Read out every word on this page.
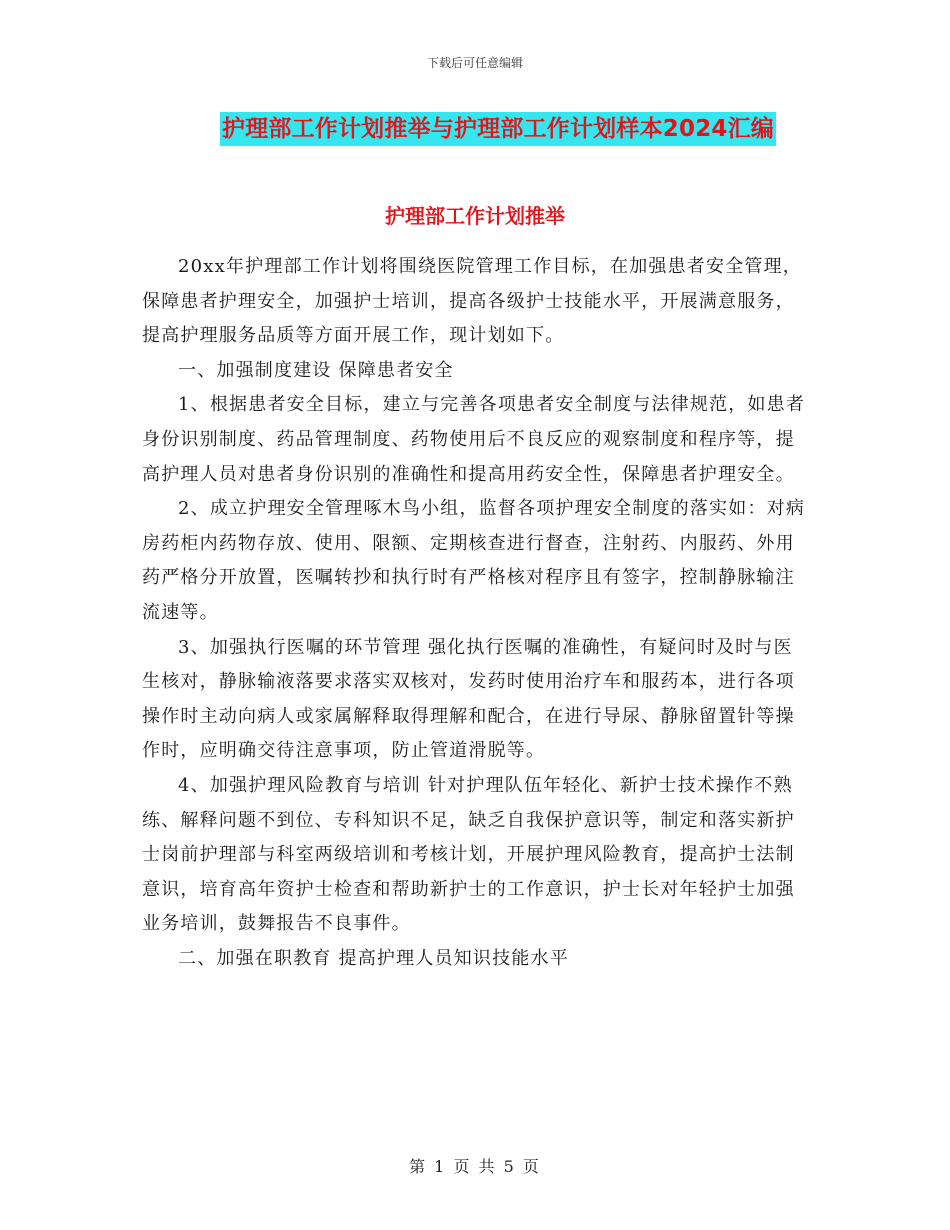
下载后可任意编辑
护理部工作计划推举与护理部工作计划样本2024汇编
护理部工作计划推举

20xx年护理部工作计划将围绕医院管理工作目标，在加强患者安全管理，保障患者护理安全，加强护士培训，提高各级护士技能水平，开展满意服务，提高护理服务品质等方面开展工作，现计划如下。

一、加强制度建设 保障患者安全

1、根据患者安全目标，建立与完善各项患者安全制度与法律规范，如患者身份识别制度、药品管理制度、药物使用后不良反应的观察制度和程序等，提高护理人员对患者身份识别的准确性和提高用药安全性，保障患者护理安全。

2、成立护理安全管理啄木鸟小组，监督各项护理安全制度的落实如：对病房药柜内药物存放、使用、限额、定期核查进行督查，注射药、内服药、外用药严格分开放置，医嘱转抄和执行时有严格核对程序且有签字，控制静脉输注流速等。

3、加强执行医嘱的环节管理 强化执行医嘱的准确性，有疑问时及时与医生核对，静脉输液落要求落实双核对，发药时使用治疗车和服药本，进行各项操作时主动向病人或家属解释取得理解和配合，在进行导尿、静脉留置针等操作时，应明确交待注意事项，防止管道滑脱等。

4、加强护理风险教育与培训 针对护理队伍年轻化、新护士技术操作不熟练、解释问题不到位、专科知识不足，缺乏自我保护意识等，制定和落实新护士岗前护理部与科室两级培训和考核计划，开展护理风险教育，提高护士法制意识，培育高年资护士检查和帮助新护士的工作意识，护士长对年轻护士加强业务培训，鼓舞报告不良事件。

二、加强在职教育 提高护理人员知识技能水平

第 1 页 共 5 页
